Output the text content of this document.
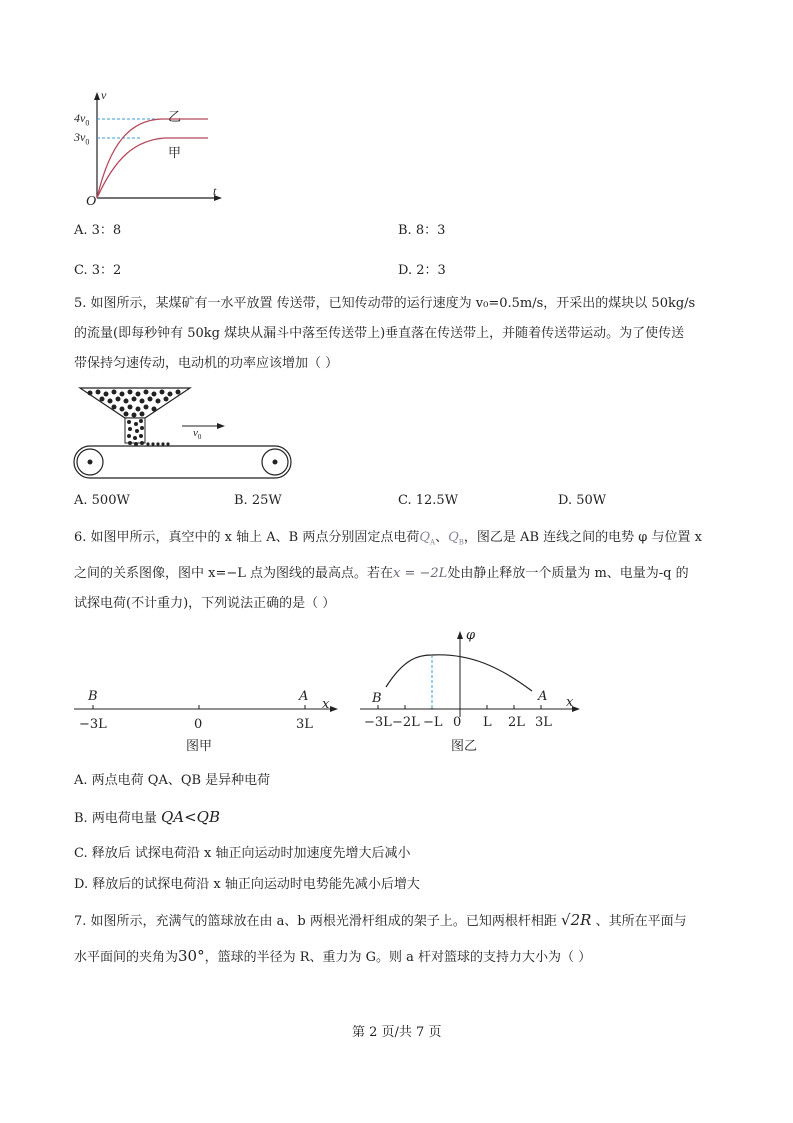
v
t
O
$4v_0$
$3v_0$
乙
甲
A. 3：8	B. 8：3
C. 3：2	D. 2：3
5. 如图所示，某煤矿有一水平放置 传送带，已知传动带的运行速度为 v₀=0.5m/s，开采出的煤块以 50kg/s
的流量(即每秒钟有 50kg 煤块从漏斗中落至传送带上)垂直落在传送带上，并随着传送带运动。为了使传送
带保持匀速传动，电动机的功率应该增加（ ）
$v_0$
A. 500W	B. 25W	C. 12.5W	D. 50W
6. 如图甲所示，真空中的 x 轴上 A、B 两点分别固定点电荷$Q_A$、$Q_B$，图乙是 AB 连线之间的电势 φ 与位置 x
之间的关系图像，图中 x=−L 点为图线的最高点。若在x = −2L处由静止释放一个质量为 m、电量为-q 的
试探电荷(不计重力)，下列说法正确的是（ ）
B	A
x
−3L	0	3L
图甲
φ
B	A x
−3L −2L −L 0 L 2L 3L
图乙
A. 两点电荷 QA、QB 是异种电荷
B. 两电荷电量 QA<QB
C. 释放后 试探电荷沿 x 轴正向运动时加速度先增大后减小
D. 释放后的试探电荷沿 x 轴正向运动时电势能先减小后增大
7. 如图所示，充满气的篮球放在由 a、b 两根光滑杆组成的架子上。已知两根杆相距 √2R 、其所在平面与
水平面间的夹角为30°，篮球的半径为 R、重力为 G。则 a 杆对篮球的支持力大小为（ ）
第 2 页/共 7 页
